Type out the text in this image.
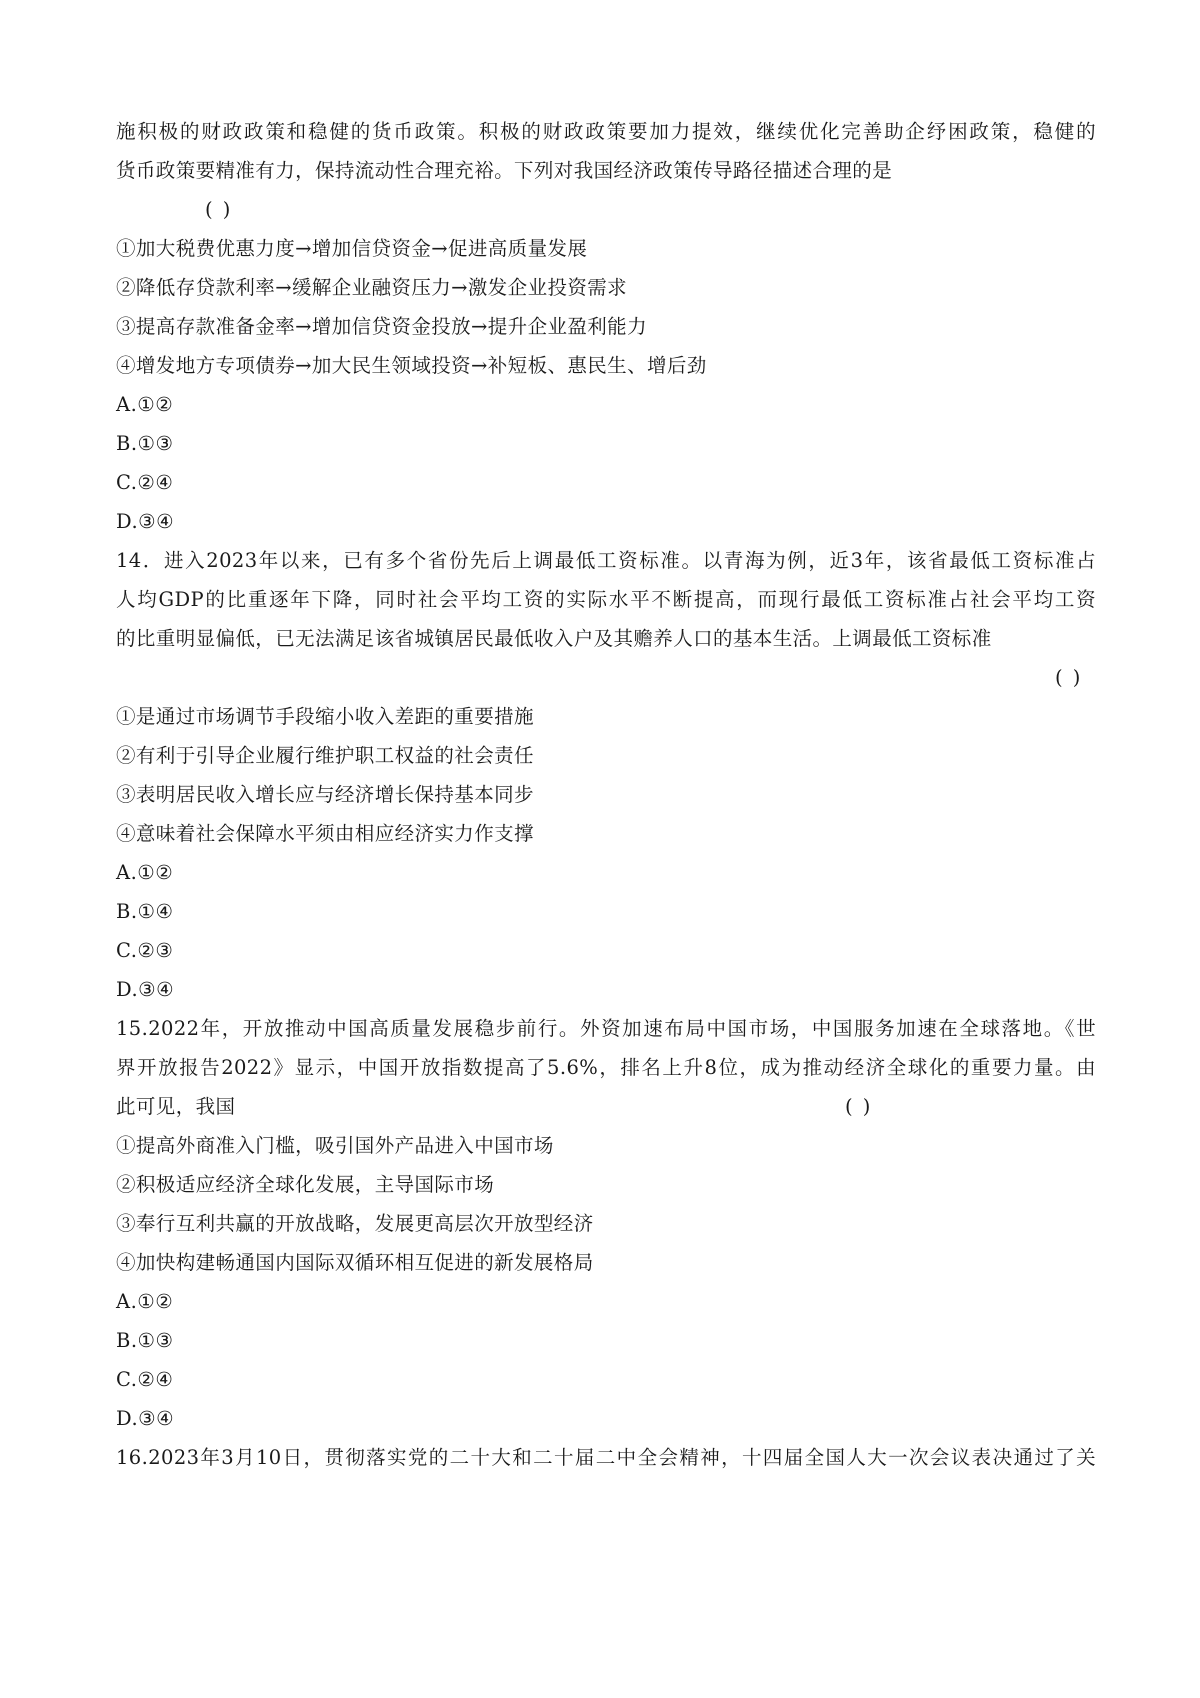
施积极的财政政策和稳健的货币政策。积极的财政政策要加力提效，继续优化完善助企纾困政策，稳健的
货币政策要精准有力，保持流动性合理充裕。下列对我国经济政策传导路径描述合理的是
( )
①加大税费优惠力度→增加信贷资金→促进高质量发展
②降低存贷款利率→缓解企业融资压力→激发企业投资需求
③提高存款准备金率→增加信贷资金投放→提升企业盈利能力
④增发地方专项债券→加大民生领域投资→补短板、惠民生、增后劲
A.①②
B.①③
C.②④
D.③④
14．进入2023年以来，已有多个省份先后上调最低工资标准。以青海为例，近3年，该省最低工资标准占
人均GDP的比重逐年下降，同时社会平均工资的实际水平不断提高，而现行最低工资标准占社会平均工资
的比重明显偏低，已无法满足该省城镇居民最低收入户及其赡养人口的基本生活。上调最低工资标准
( )
①是通过市场调节手段缩小收入差距的重要措施
②有利于引导企业履行维护职工权益的社会责任
③表明居民收入增长应与经济增长保持基本同步
④意味着社会保障水平须由相应经济实力作支撑
A.①②
B.①④
C.②③
D.③④
15.2022年，开放推动中国高质量发展稳步前行。外资加速布局中国市场，中国服务加速在全球落地。《世
界开放报告2022》显示，中国开放指数提高了5.6%，排名上升8位，成为推动经济全球化的重要力量。由
此可见，我国	( )
①提高外商准入门槛，吸引国外产品进入中国市场
②积极适应经济全球化发展，主导国际市场
③奉行互利共赢的开放战略，发展更高层次开放型经济
④加快构建畅通国内国际双循环相互促进的新发展格局
A.①②
B.①③
C.②④
D.③④
16.2023年3月10日，贯彻落实党的二十大和二十届二中全会精神，十四届全国人大一次会议表决通过了关
